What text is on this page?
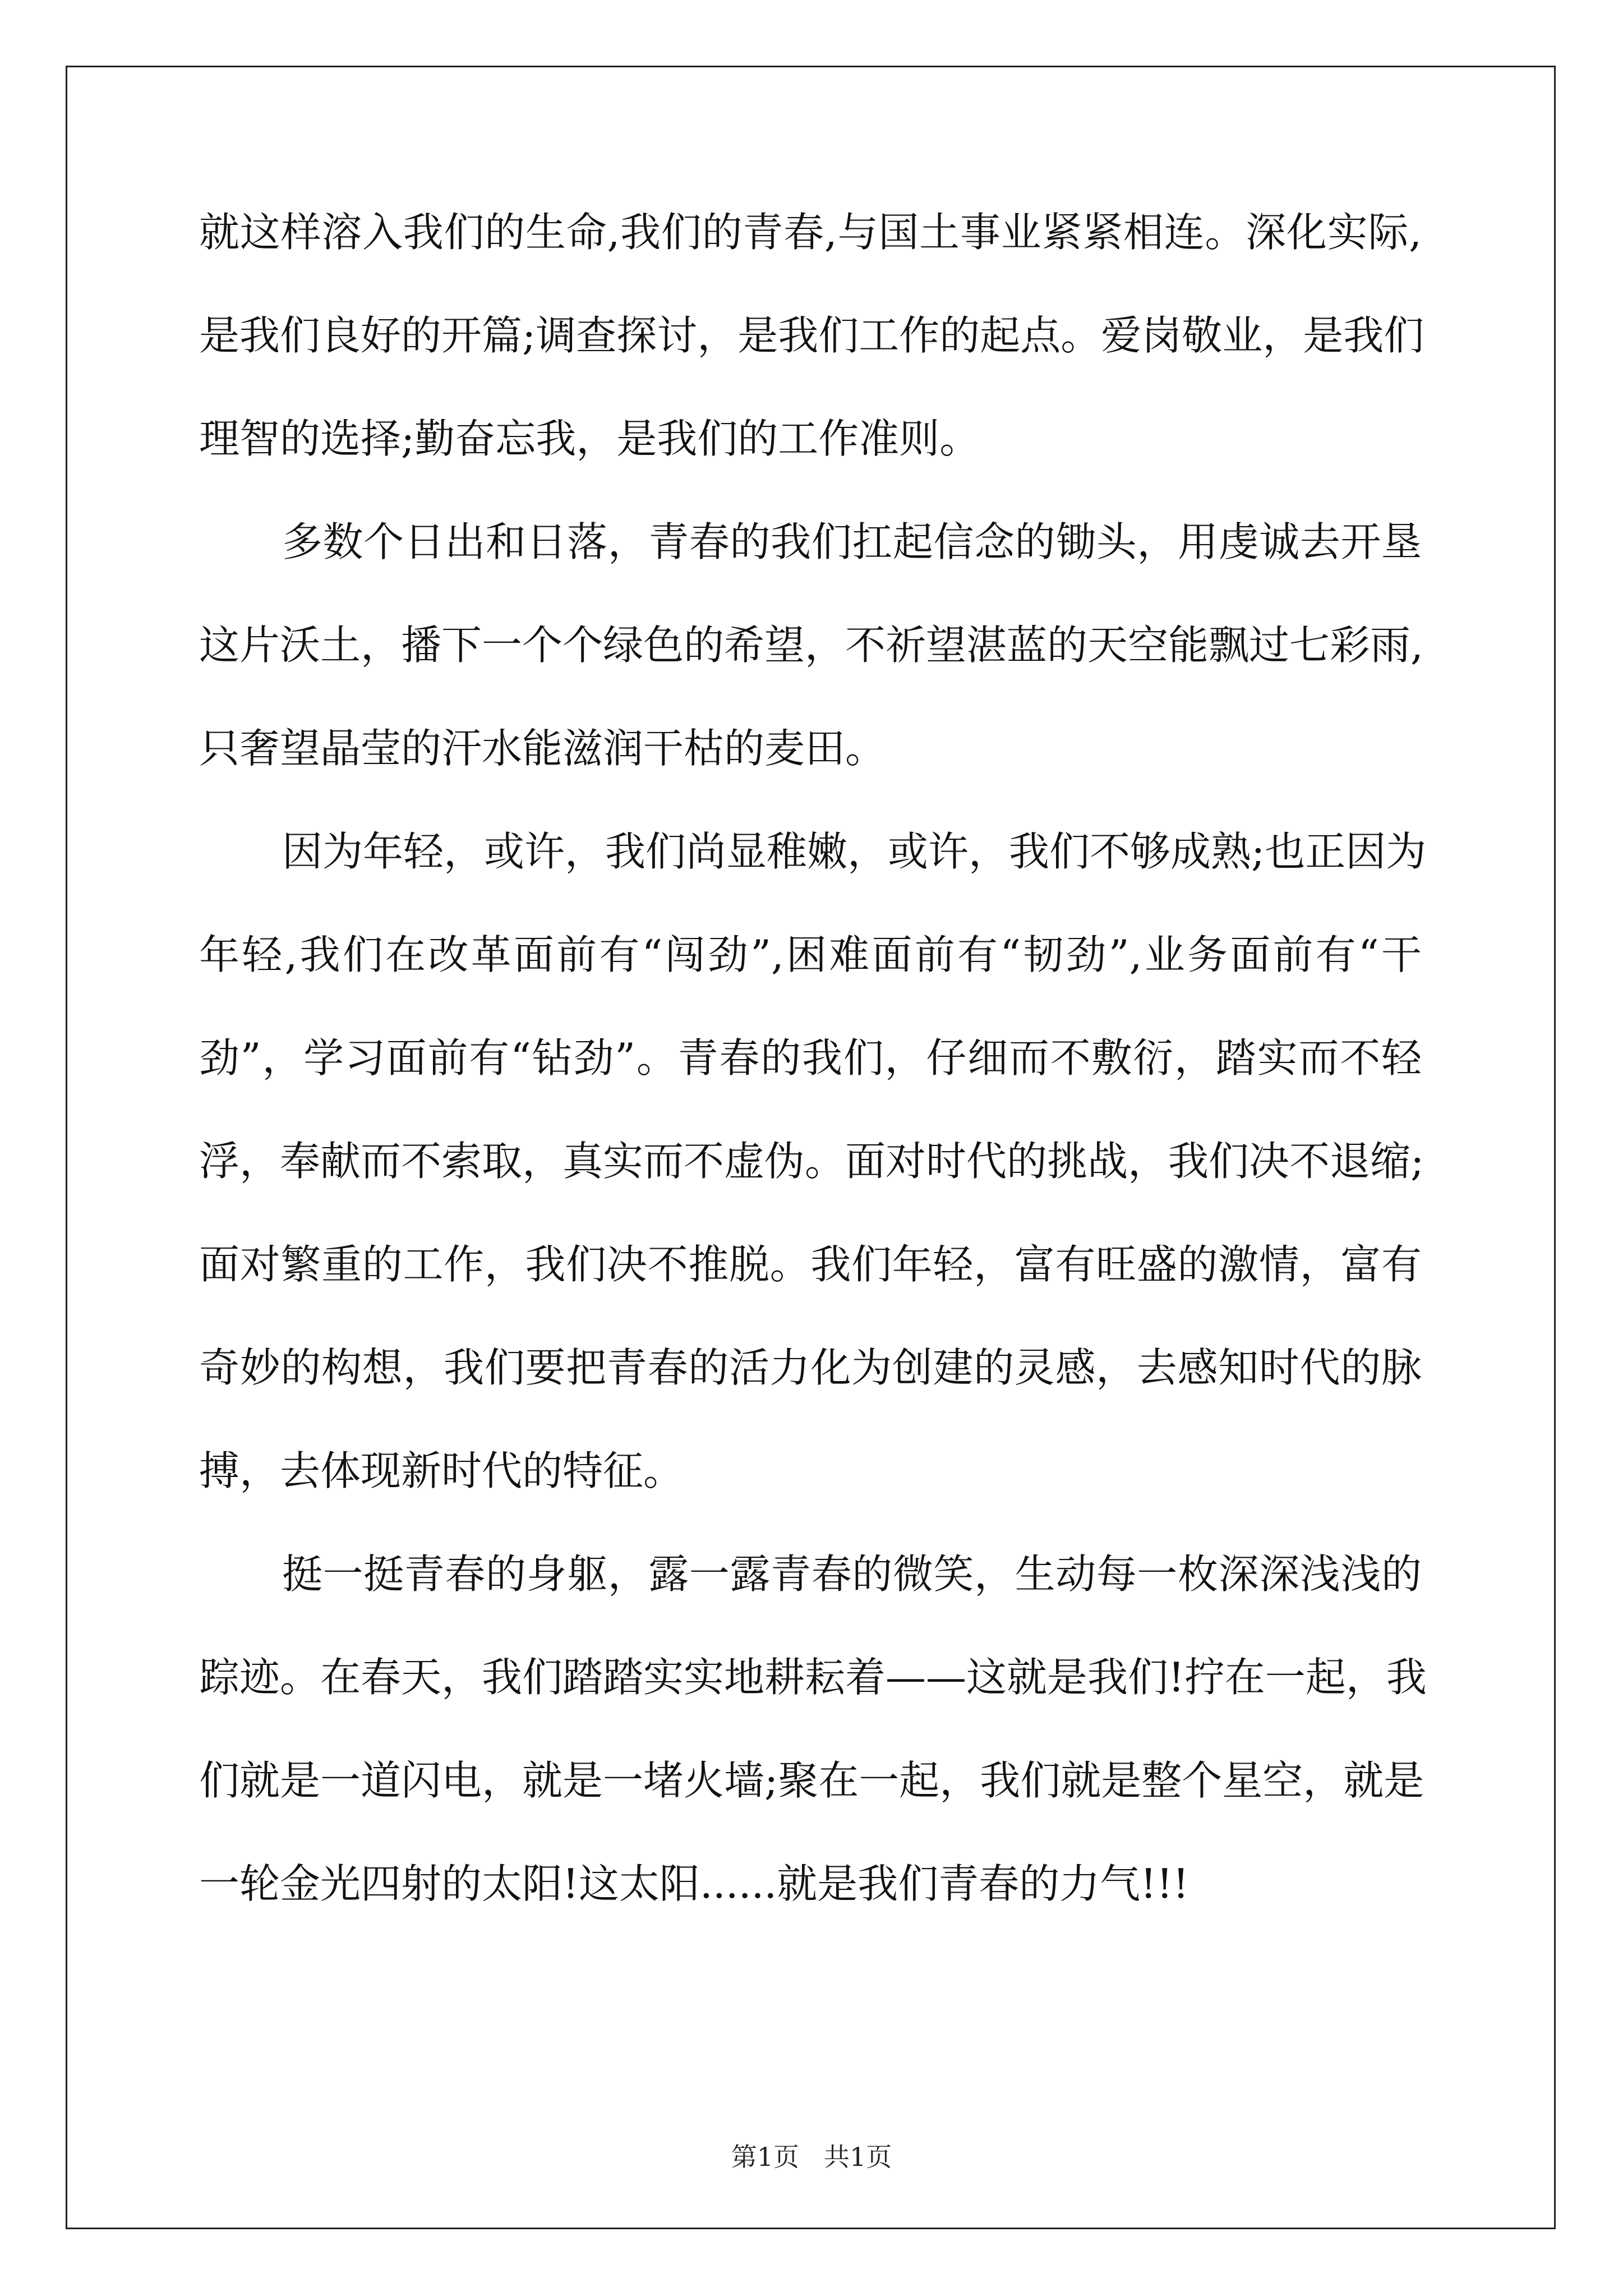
就这样溶入我们的生命,我们的青春,与国土事业紧紧相连。深化实际,
是我们良好的开篇;调查探讨，是我们工作的起点。爱岗敬业，是我们
理智的选择;勤奋忘我，是我们的工作准则。
多数个日出和日落，青春的我们扛起信念的锄头，用虔诚去开垦
这片沃土，播下一个个绿色的希望，不祈望湛蓝的天空能飘过七彩雨,
只奢望晶莹的汗水能滋润干枯的麦田。
因为年轻，或许，我们尚显稚嫩，或许，我们不够成熟;也正因为
年轻,我们在改革面前有“闯劲”,困难面前有“韧劲”,业务面前有“干
劲”，学习面前有“钻劲”。青春的我们，仔细而不敷衍，踏实而不轻
浮，奉献而不索取，真实而不虚伪。面对时代的挑战，我们决不退缩;
面对繁重的工作，我们决不推脱。我们年轻，富有旺盛的激情，富有
奇妙的构想，我们要把青春的活力化为创建的灵感，去感知时代的脉
搏，去体现新时代的特征。
挺一挺青春的身躯，露一露青春的微笑，生动每一枚深深浅浅的
踪迹。在春天，我们踏踏实实地耕耘着——这就是我们!拧在一起，我
们就是一道闪电，就是一堵火墙;聚在一起，我们就是整个星空，就是
一轮金光四射的太阳!这太阳......就是我们青春的力气!!!
第1页 共1页
